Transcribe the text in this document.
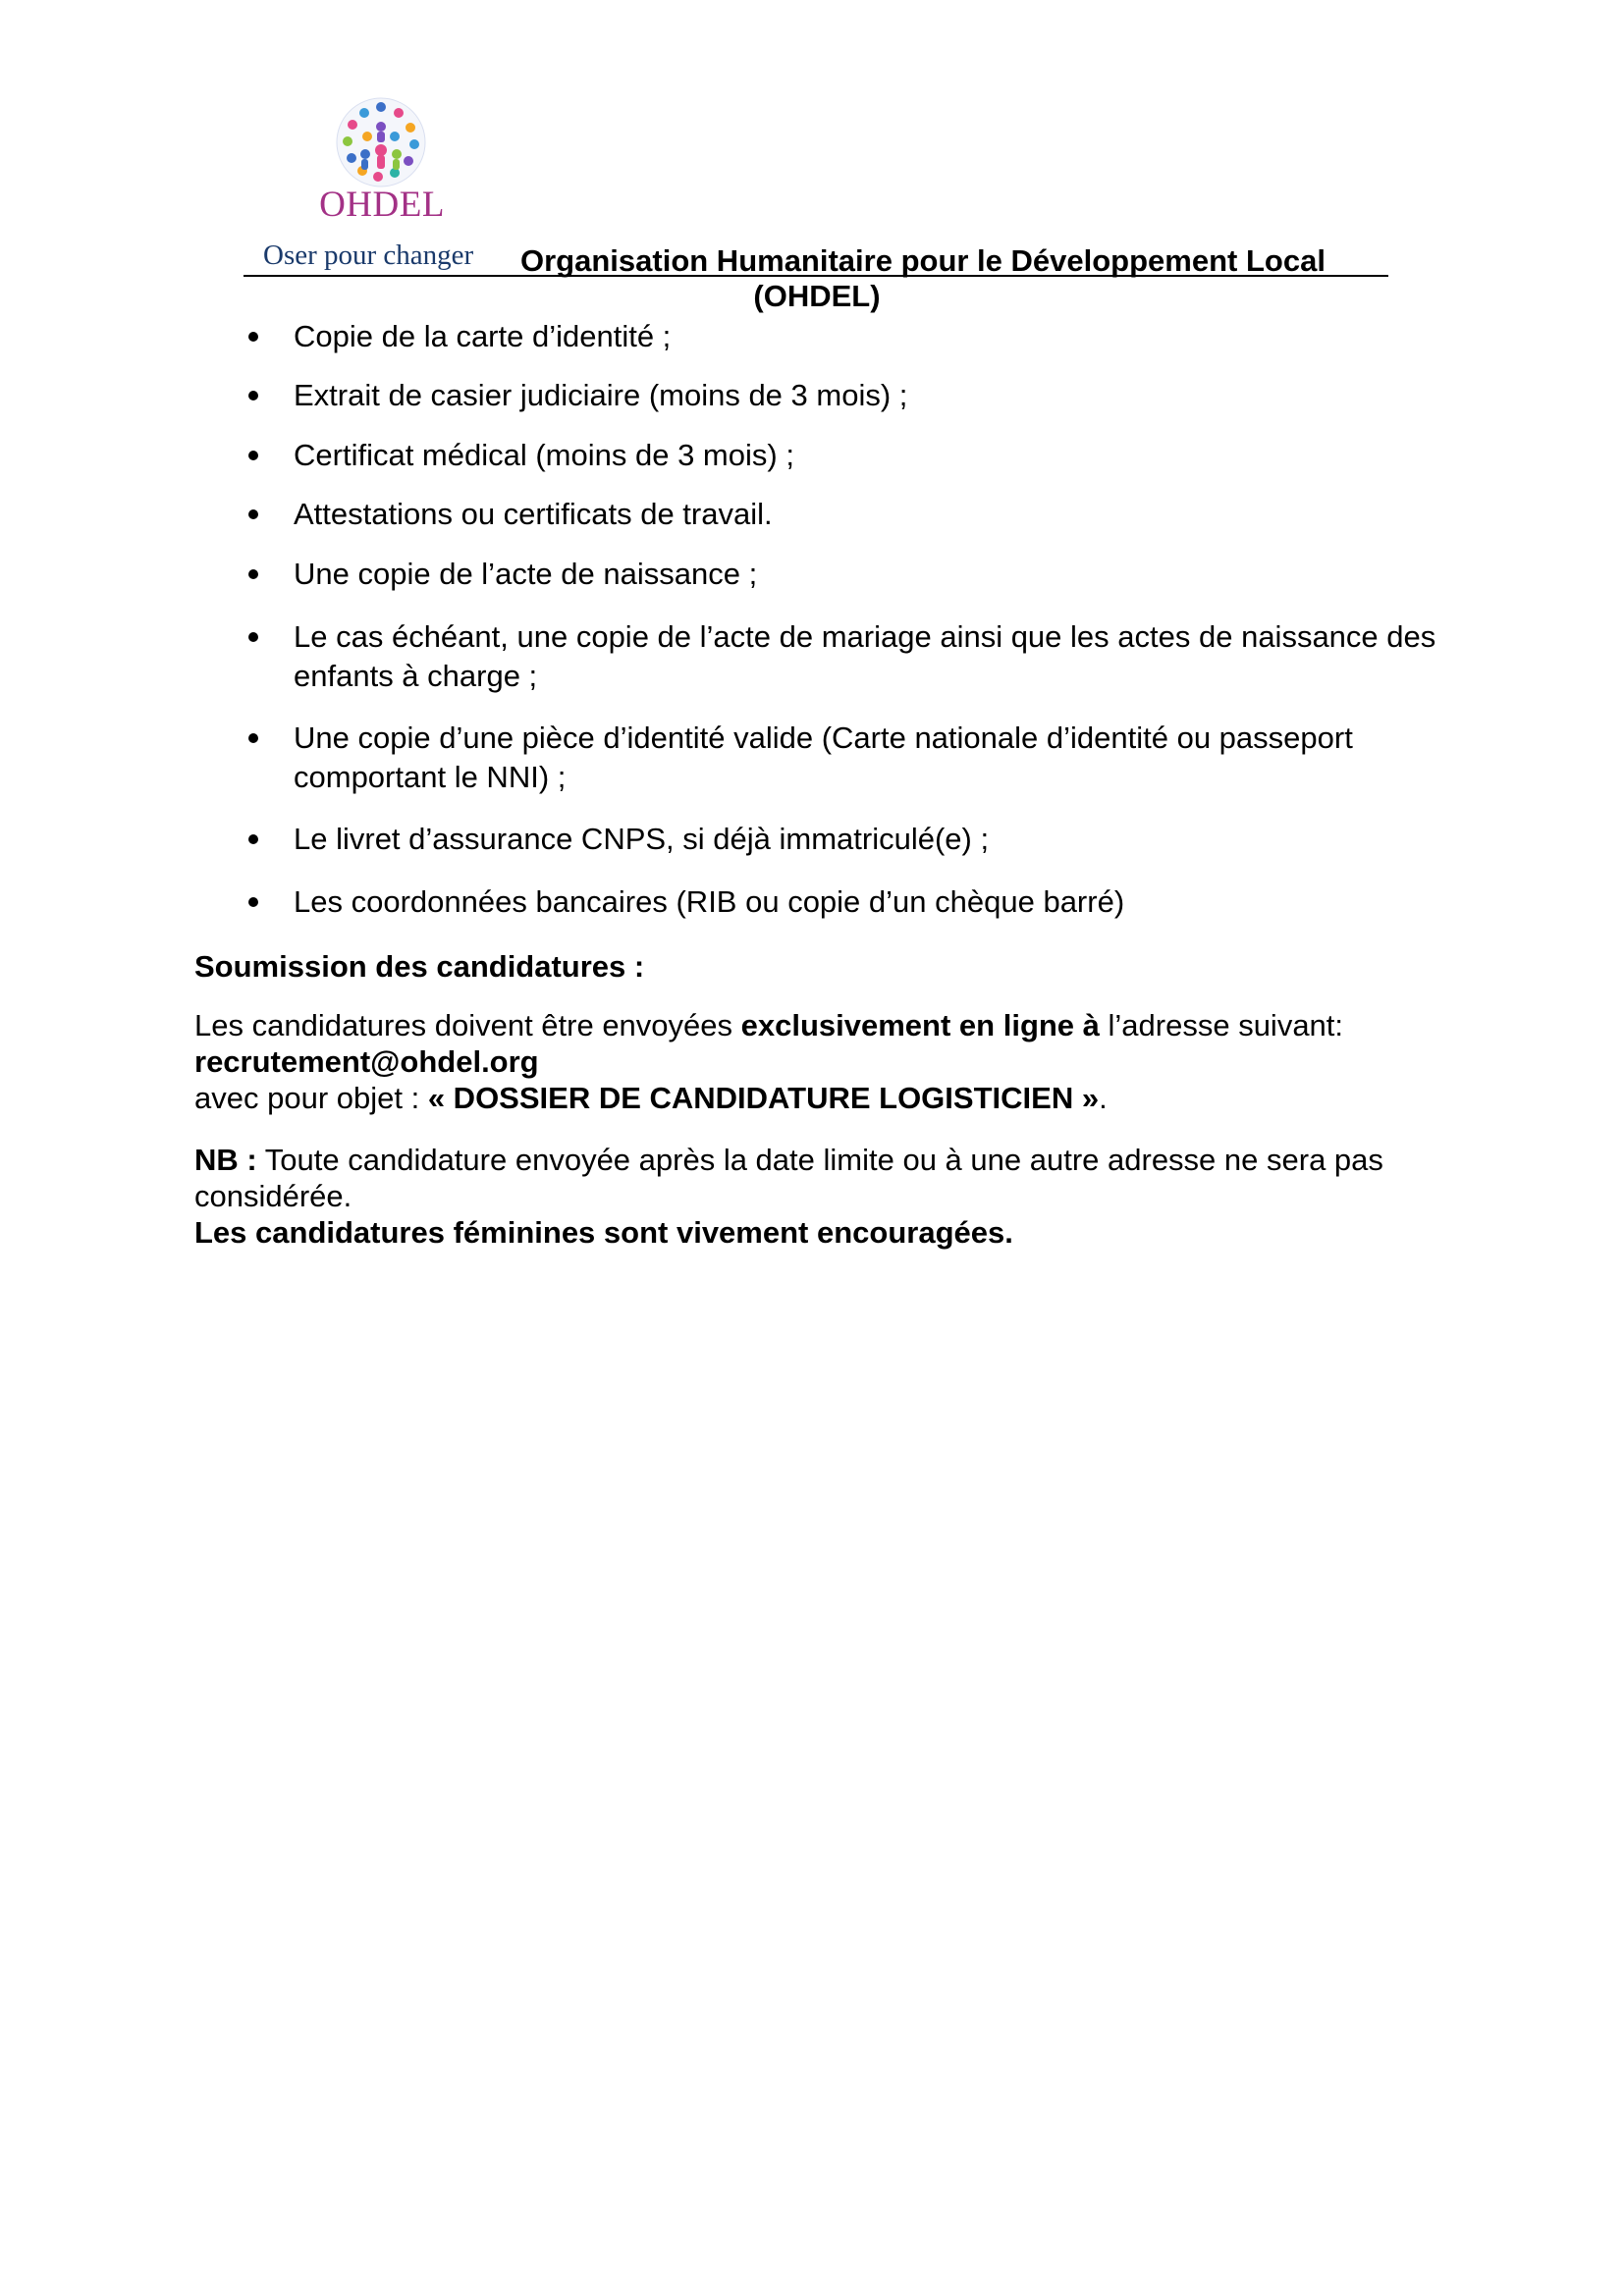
OHDEL
Oser pour changer Organisation Humanitaire pour le Développement Local
(OHDEL)
Copie de la carte d’identité ;
Extrait de casier judiciaire (moins de 3 mois) ;
Certificat médical (moins de 3 mois) ;
Attestations ou certificats de travail.
Une copie de l’acte de naissance ;
Le cas échéant, une copie de l’acte de mariage ainsi que les actes de naissance des
enfants à charge ;
Une copie d’une pièce d’identité valide (Carte nationale d’identité ou passeport
comportant le NNI) ;
Le livret d’assurance CNPS, si déjà immatriculé(e) ;
Les coordonnées bancaires (RIB ou copie d’un chèque barré)
Soumission des candidatures :
Les candidatures doivent être envoyées exclusivement en ligne à l’adresse suivant:
recrutement@ohdel.org
avec pour objet : « DOSSIER DE CANDIDATURE LOGISTICIEN ».
NB : Toute candidature envoyée après la date limite ou à une autre adresse ne sera pas
considérée.
Les candidatures féminines sont vivement encouragées.
